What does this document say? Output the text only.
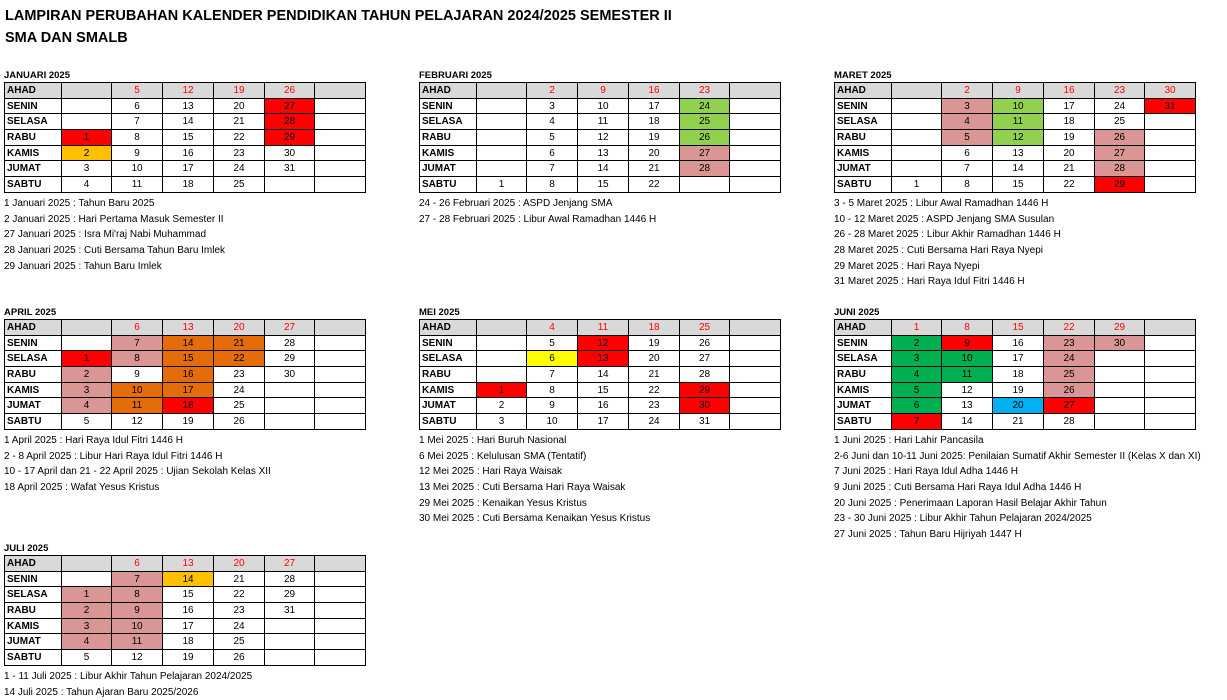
LAMPIRAN PERUBAHAN KALENDER PENDIDIKAN TAHUN PELAJARAN 2024/2025 SEMESTER II
SMA DAN SMALB
JANUARI 2025
AHAD		5	12	19	26	
SENIN		6	13	20	27	
SELASA		7	14	21	28	
RABU	1	8	15	22	29	
KAMIS	2	9	16	23	30	
JUMAT	3	10	17	24	31	
SABTU	4	11	18	25		
1 Januari 2025 : Tahun Baru 2025
2 Januari 2025 : Hari Pertama Masuk Semester II
27 Januari 2025 : Isra Mi'raj Nabi Muhammad
28 Januari 2025 : Cuti Bersama Tahun Baru Imlek
29 Januari 2025 : Tahun Baru Imlek
FEBRUARI 2025
AHAD		2	9	16	23	
SENIN		3	10	17	24	
SELASA		4	11	18	25	
RABU		5	12	19	26	
KAMIS		6	13	20	27	
JUMAT		7	14	21	28	
SABTU	1	8	15	22		
24 - 26 Februari 2025 : ASPD Jenjang SMA
27 - 28 Februari 2025 : Libur Awal Ramadhan 1446 H
MARET 2025
AHAD		2	9	16	23	30
SENIN		3	10	17	24	31
SELASA		4	11	18	25	
RABU		5	12	19	26	
KAMIS		6	13	20	27	
JUMAT		7	14	21	28	
SABTU	1	8	15	22	29	
3 - 5 Maret 2025 : Libur Awal Ramadhan 1446 H
10 - 12 Maret 2025 : ASPD Jenjang SMA Susulan
26 - 28 Maret 2025 : Libur Akhir Ramadhan 1446 H
28 Maret 2025 : Cuti Bersama Hari Raya Nyepi
29 Maret 2025 : Hari Raya Nyepi
31 Maret 2025 : Hari Raya Idul Fitri 1446 H
APRIL 2025
AHAD		6	13	20	27	
SENIN		7	14	21	28	
SELASA	1	8	15	22	29	
RABU	2	9	16	23	30	
KAMIS	3	10	17	24		
JUMAT	4	11	18	25		
SABTU	5	12	19	26		
1 April 2025 : Hari Raya Idul Fitri 1446 H
2 - 8 April 2025 : Libur Hari Raya Idul Fitri 1446 H
10 - 17 April dan 21 - 22 April 2025 : Ujian Sekolah Kelas XII
18 April 2025 : Wafat Yesus Kristus
MEI 2025
AHAD		4	11	18	25	
SENIN		5	12	19	26	
SELASA		6	13	20	27	
RABU		7	14	21	28	
KAMIS	1	8	15	22	29	
JUMAT	2	9	16	23	30	
SABTU	3	10	17	24	31	
1 Mei 2025 : Hari Buruh Nasional
6 Mei 2025 : Kelulusan SMA (Tentatif)
12 Mei 2025 : Hari Raya Waisak
13 Mei 2025 : Cuti Bersama Hari Raya Waisak
29 Mei 2025 : Kenaikan Yesus Kristus
30 Mei 2025 : Cuti Bersama Kenaikan Yesus Kristus
JUNI 2025
AHAD	1	8	15	22	29	
SENIN	2	9	16	23	30	
SELASA	3	10	17	24		
RABU	4	11	18	25		
KAMIS	5	12	19	26		
JUMAT	6	13	20	27		
SABTU	7	14	21	28		
1 Juni 2025 : Hari Lahir Pancasila
2-6 Juni dan 10-11 Juni 2025: Penilaian Sumatif Akhir Semester II (Kelas X dan XI)
7 Juni 2025 : Hari Raya Idul Adha 1446 H
9 Juni 2025 : Cuti Bersama Hari Raya Idul Adha 1446 H
20 Juni 2025 : Penerimaan Laporan Hasil Belajar Akhir Tahun
23 - 30 Juni 2025 : Libur Akhir Tahun Pelajaran 2024/2025
27 Juni 2025 : Tahun Baru Hijriyah 1447 H
JULI 2025
AHAD		6	13	20	27	
SENIN		7	14	21	28	
SELASA	1	8	15	22	29	
RABU	2	9	16	23	31	
KAMIS	3	10	17	24		
JUMAT	4	11	18	25		
SABTU	5	12	19	26		
1 - 11 Juli 2025 : Libur Akhir Tahun Pelajaran 2024/2025
14 Juli 2025 : Tahun Ajaran Baru 2025/2026
